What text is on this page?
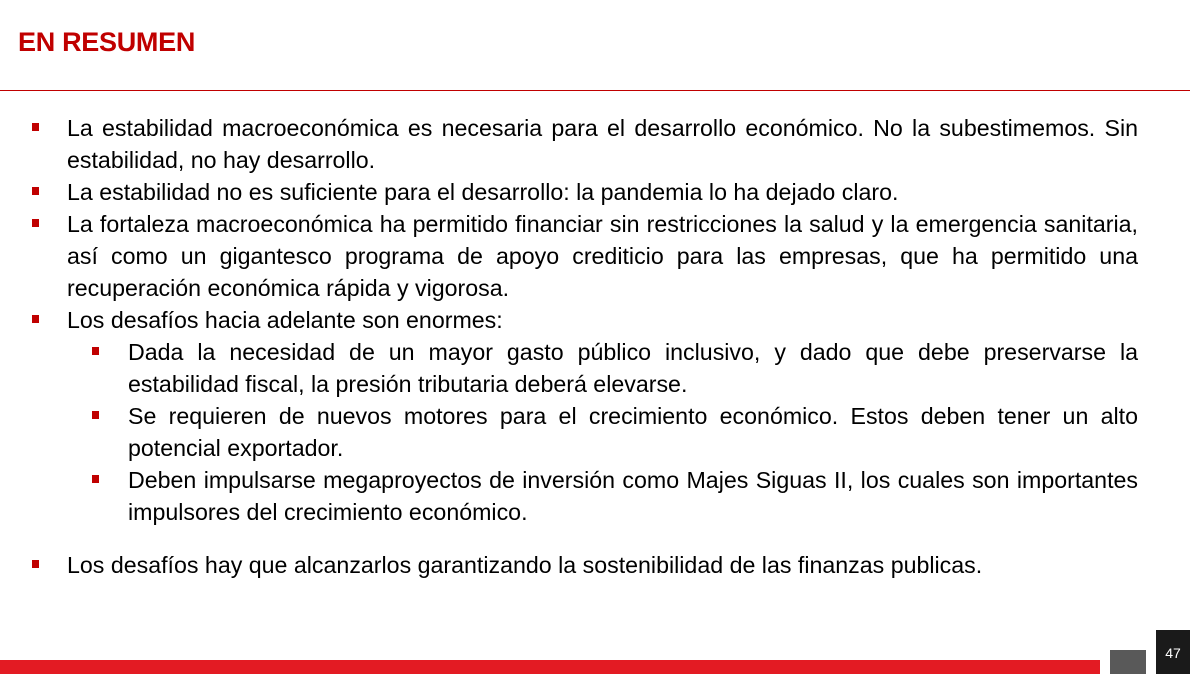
EN RESUMEN
La estabilidad macroeconómica es necesaria para el desarrollo económico. No la subestimemos. Sin estabilidad, no hay desarrollo.
La estabilidad no es suficiente para el desarrollo: la pandemia lo ha dejado claro.
La fortaleza macroeconómica ha permitido financiar sin restricciones la salud y la emergencia sanitaria, así como un gigantesco programa de apoyo crediticio para las empresas, que ha permitido una recuperación económica rápida y vigorosa.
Los desafíos hacia adelante son enormes:
Dada la necesidad de un mayor gasto público inclusivo, y dado que debe preservarse la estabilidad fiscal, la presión tributaria deberá elevarse.
Se requieren de nuevos motores para el crecimiento económico. Estos deben tener un alto potencial exportador.
Deben impulsarse megaproyectos de inversión como Majes Siguas II, los cuales son importantes impulsores del crecimiento económico.
Los desafíos hay que alcanzarlos garantizando la sostenibilidad de las finanzas publicas.
47
